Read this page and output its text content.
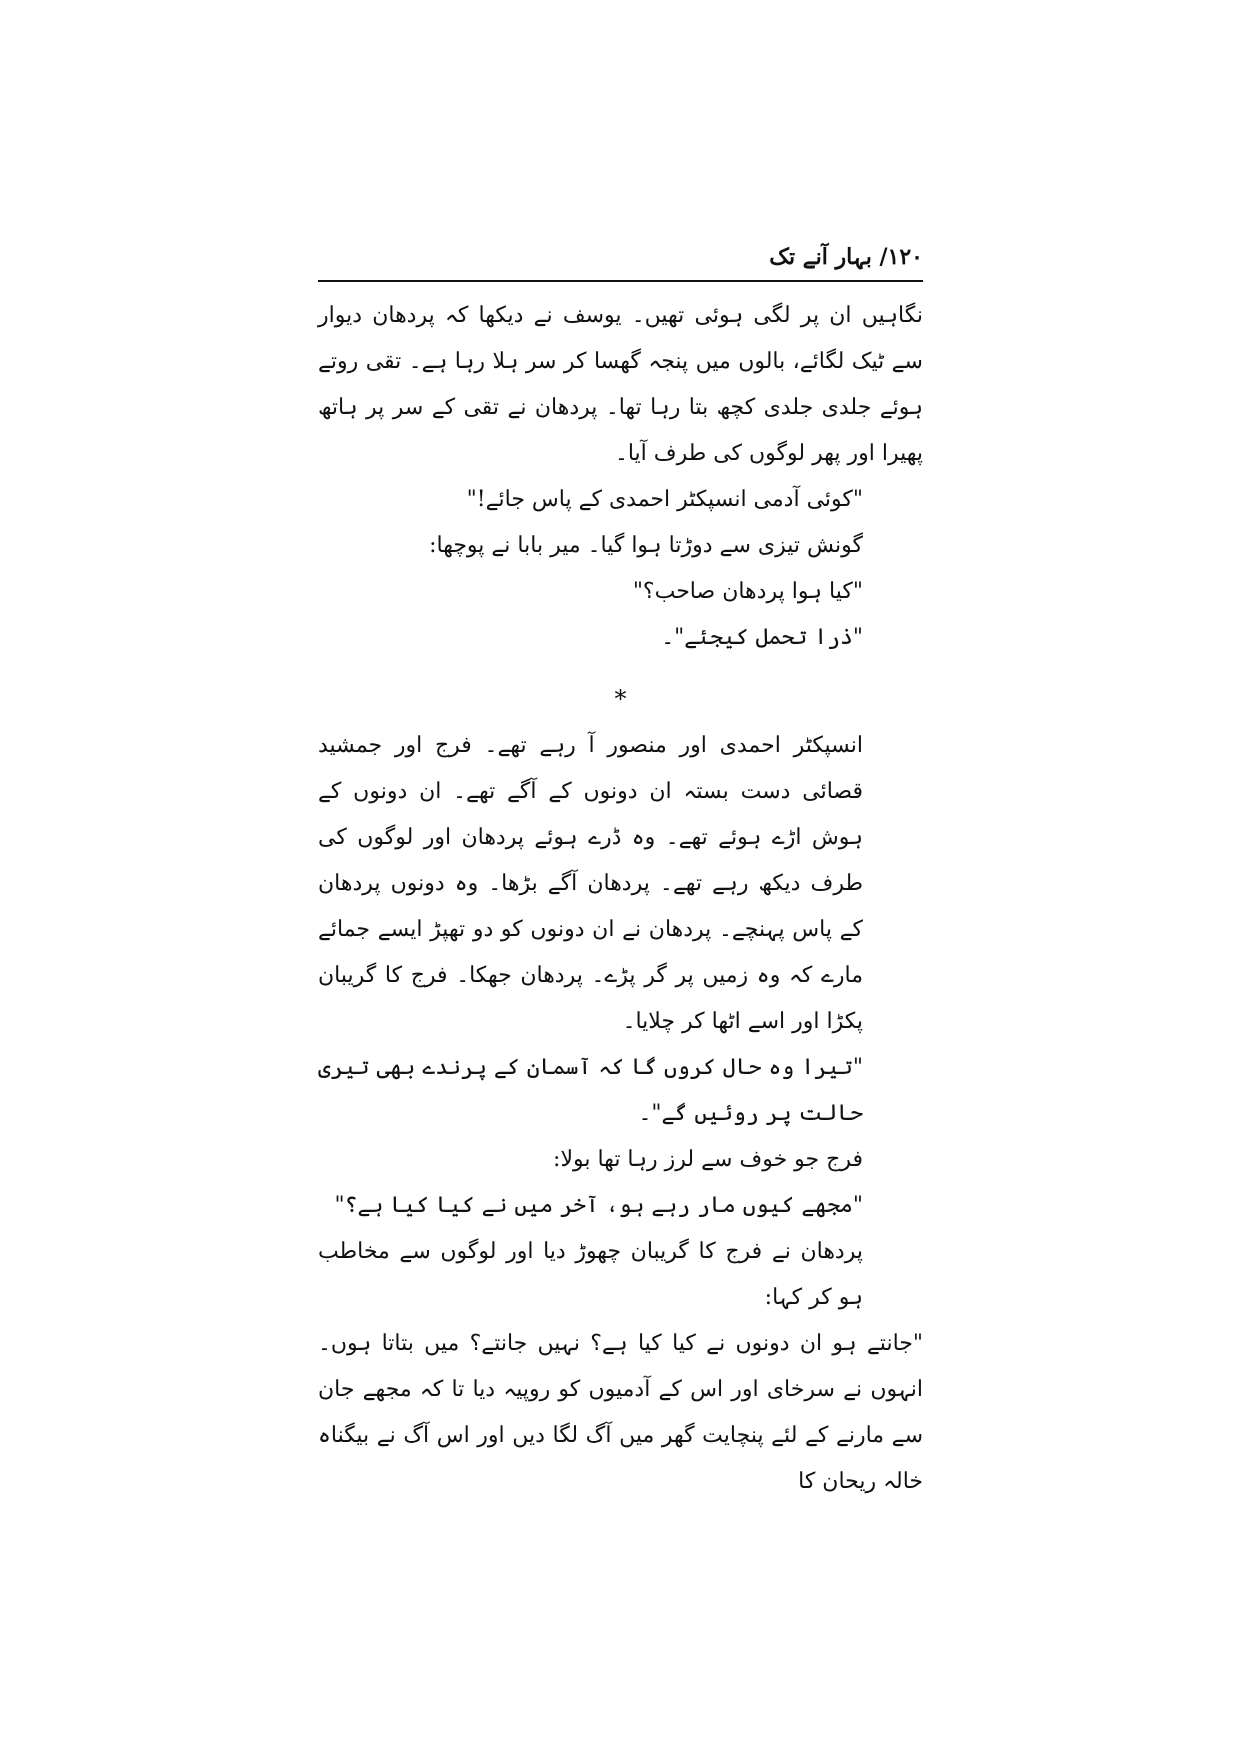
۱۲۰/ بہار آنے تک

نگاہیں ان پر لگی ہوئی تھیں۔ یوسف نے دیکھا کہ پردھان دیوار سے ٹیک لگائے، بالوں میں پنجہ گھسا کر سر ہلا رہا ہے۔ تقی روتے ہوئے جلدی جلدی کچھ بتا رہا تھا۔ پردھان نے تقی کے سر پر ہاتھ پھیرا اور پھر لوگوں کی طرف آیا۔

"کوئی آدمی انسپکٹر احمدی کے پاس جائے!"

گونش تیزی سے دوڑتا ہوا گیا۔ میر بابا نے پوچھا:

"کیا ہوا پردھان صاحب؟"

"ذرا تحمل کیجئے"۔

*

انسپکٹر احمدی اور منصور آ رہے تھے۔ فرج اور جمشید قصائی دست بستہ ان دونوں کے آگے تھے۔ ان دونوں کے ہوش اڑے ہوئے تھے۔ وہ ڈرے ہوئے پردھان اور لوگوں کی طرف دیکھ رہے تھے۔ پردھان آگے بڑھا۔ وہ دونوں پردھان کے پاس پہنچے۔ پردھان نے ان دونوں کو دو تھپڑ ایسے جمائے مارے کہ وہ زمیں پر گر پڑے۔ پردھان جھکا۔ فرج کا گریبان پکڑا اور اسے اٹھا کر چلایا۔

"تیرا وہ حال کروں گا کہ آسمان کے پرندے بھی تیری حالت پر روئیں گے"۔

فرج جو خوف سے لرز رہا تھا بولا:

"مجھے کیوں مار رہے ہو، آخر میں نے کیا کیا ہے؟"

پردھان نے فرج کا گریبان چھوڑ دیا اور لوگوں سے مخاطب ہو کر کہا:

"جانتے ہو ان دونوں نے کیا کیا ہے؟ نہیں جانتے؟ میں بتاتا ہوں۔ انہوں نے سرخای اور اس کے آدمیوں کو روپیہ دیا تا کہ مجھے جان سے مارنے کے لئے پنچایت گھر میں آگ لگا دیں اور اس آگ نے بیگناہ خالہ ریحان کا
